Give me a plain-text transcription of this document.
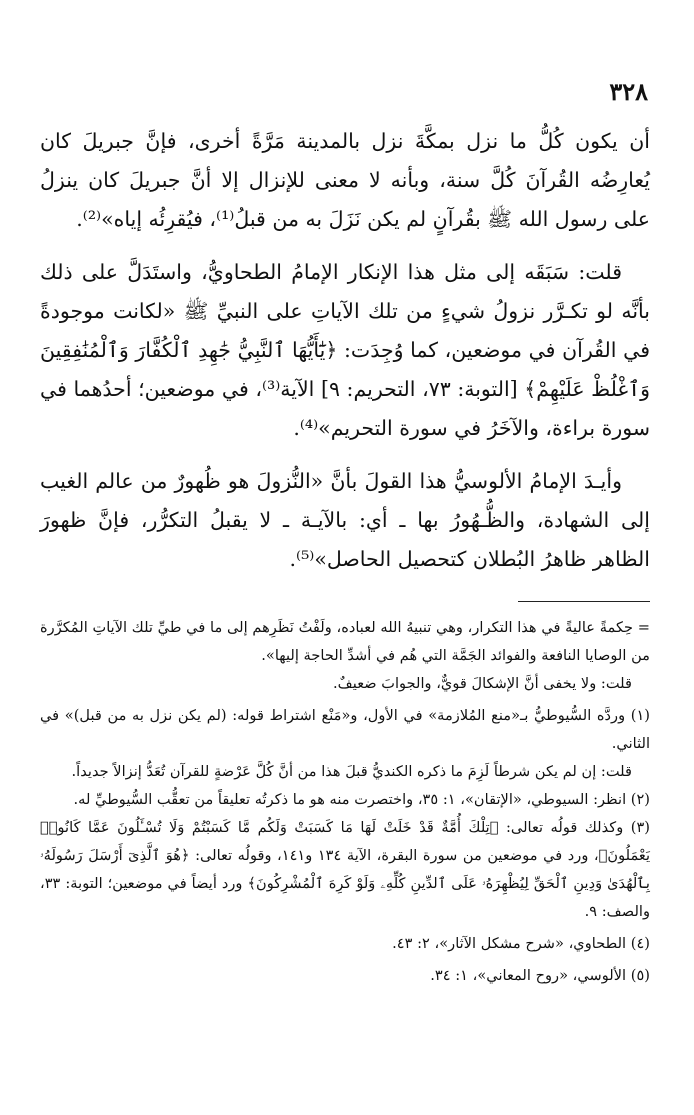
٣٢٨

أن يكون كُلُّ ما نزل بمكَّةَ نزل بالمدينة مَرَّةً أخرى، فإنَّ جبريلَ كان يُعارِضُه القُرآنَ كُلَّ سنة، وبأنه لا معنى للإنزال إلا أنَّ جبريلَ كان ينزلُ على رسول الله ﷺ بقُرآنٍ لم يكن نَزَلَ به من قبلُ⁽¹⁾، فيُقرِئُه إياه»⁽²⁾.

قلت: سَبَقَه إلى مثل هذا الإنكار الإمامُ الطحاويُّ، واستَدَلَّ على ذلك بأنَّه لو تكـرَّر نزولُ شيءٍ من تلك الآياتِ على النبيِّ ﷺ «لكانت موجودةً في القُرآن في موضعين، كما وُجِدَت: ﴿يَٰٓأَيُّهَا ٱلنَّبِيُّ جَٰهِدِ ٱلْكُفَّارَ وَٱلْمُنَٰفِقِينَ وَٱغْلُظْ عَلَيْهِمْ﴾ [التوبة: ٧٣، التحريم: ٩] الآية⁽³⁾، في موضعين؛ أحدُهما في سورة براءة، والآخَرُ في سورة التحريم»⁽⁴⁾.

وأيـدَ الإمامُ الألوسيُّ هذا القولَ بأنَّ «النُّزولَ هو ظُهورٌ من عالم الغيب إلى الشهادة، والظُّـهُورُ بها ـ أي: بالآيـة ـ لا يقبلُ التكرُّر، فإنَّ ظهورَ الظاهر ظاهرُ البُطلان كتحصيل الحاصل»⁽⁵⁾.

= حِكمةً عاليةً في هذا التكرار، وهي تنبيهُ الله لعباده، ولَفْتُ نَظَرِهم إلى ما في طيِّ تلك الآياتِ المُكرَّرة من الوصايا النافعة والفوائد الجَمَّة التي هُم في أشدِّ الحاجة إليها».

قلت: ولا يخفى أنَّ الإشكالَ قويٌّ، والجوابَ ضعيفٌ.

(١) وردَّه السُّيوطيُّ بـ«منع المُلازمة» في الأول، و«مَنْع اشتراط قوله: (لم يكن نزل به من قبل)» في الثاني.

قلت: إن لم يكن شرطاً لَزِمَ ما ذكره الكنديُّ قبلَ هذا من أنَّ كُلَّ عَرْضةٍ للقرآن تُعَدُّ إنزالاً جديداً.

(٢) انظر: السيوطي، «الإتقان»، ١: ٣٥، واختصرت منه هو ما ذكرتُه تعليقاً من تعقُّب السُّيوطيِّ له.

(٣) وكذلك قولُه تعالى: ﴿تِلْكَ أُمَّةٌ قَدْ خَلَتْ لَهَا مَا كَسَبَتْ وَلَكُم مَّا كَسَبْتُمْ وَلَا تُسْـَٔلُونَ عَمَّا كَانُوا۟ يَعْمَلُونَ﴾، ورد في موضعين من سورة البقرة، الآية ١٣٤ و١٤١، وقولُه تعالى: ﴿هُوَ ٱلَّذِىٓ أَرْسَلَ رَسُولَهُۥ بِٱلْهُدَىٰ وَدِينِ ٱلْحَقِّ لِيُظْهِرَهُۥ عَلَى ٱلدِّينِ كُلِّهِۦ وَلَوْ كَرِهَ ٱلْمُشْرِكُونَ﴾ ورد أيضاً في موضعين؛ التوبة: ٣٣، والصف: ٩.

(٤) الطحاوي، «شرح مشكل الآثار»، ٢: ٤٣.

(٥) الألوسي، «روح المعاني»، ١: ٣٤.
